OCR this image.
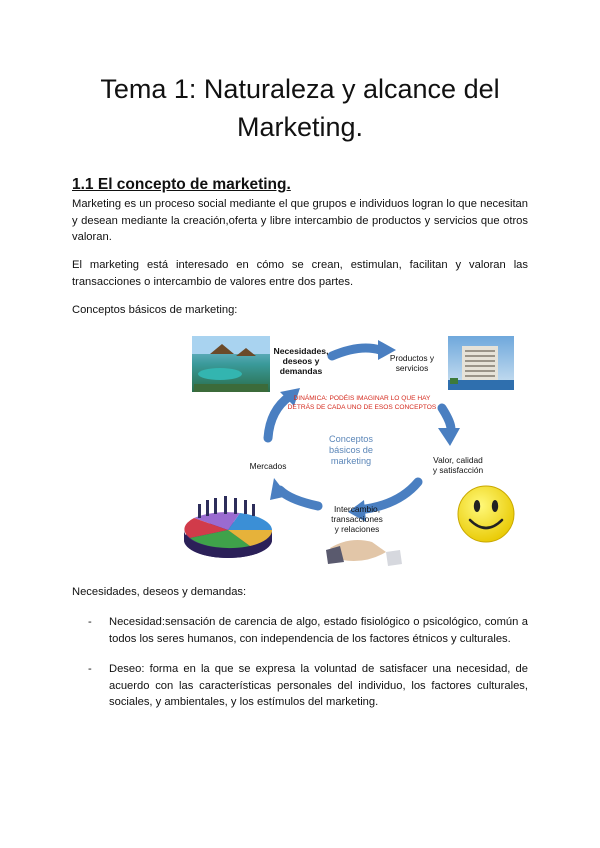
Tema 1: Naturaleza y alcance del Marketing.
1.1 El concepto de marketing.

Marketing es un proceso social mediante el que grupos e individuos logran lo que necesitan y desean mediante la creación,oferta y libre intercambio de productos y servicios que otros valoran.

El marketing está interesado en cómo se crean, estimulan, facilitan y valoran las transacciones o intercambio de valores entre dos partes.

Conceptos básicos de marketing:

Necesidades, deseos y demandas
Productos y servicios
Valor, calidad y satisfacción
Intercambio, transacciones y relaciones
Mercados
Conceptos básicos de marketing
DINÁMICA: PODÉIS IMAGINAR LO QUE HAY DETRÁS DE CADA UNO DE ESOS CONCEPTOS

Necesidades, deseos y demandas:

- Necesidad:sensación de carencia de algo, estado fisiológico o psicológico, común a todos los seres humanos, con independencia de los factores étnicos y culturales.
- Deseo: forma en la que se expresa la voluntad de satisfacer una necesidad, de acuerdo con las características personales del individuo, los factores culturales, sociales, y ambientales, y los estímulos del marketing.
